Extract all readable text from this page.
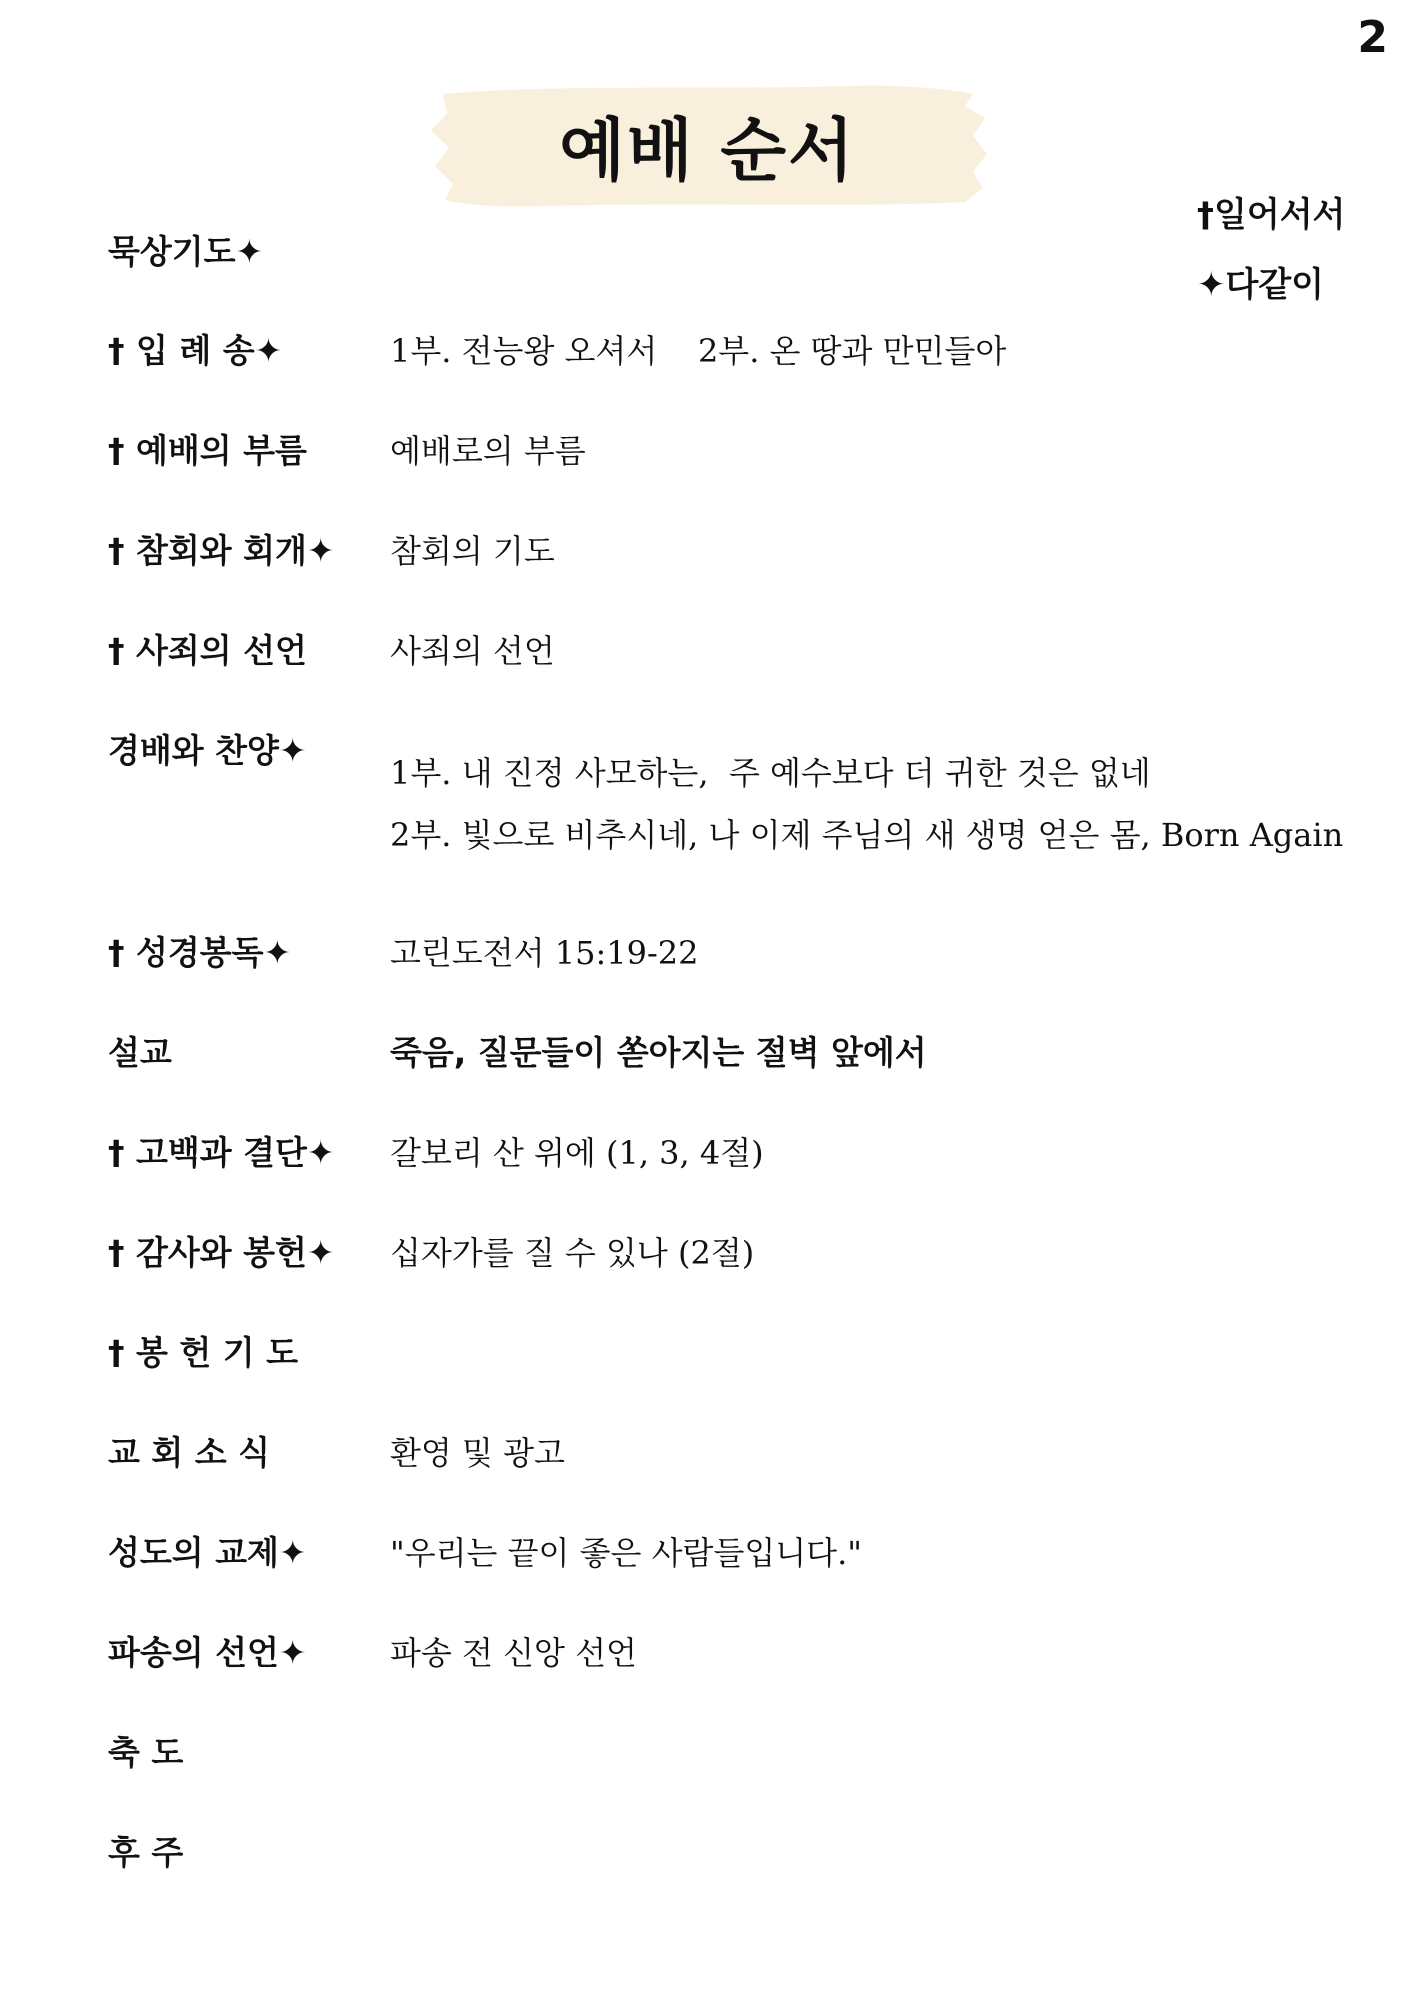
2
예배 순서
†일어서서
✦다같이
묵상기도✦
† 입 례 송✦	1부. 전능왕 오셔서    2부. 온 땅과 만민들아
† 예배의 부름	예배로의 부름
† 참회와 회개✦	참회의 기도
† 사죄의 선언	사죄의 선언
경배와 찬양✦
1부. 내 진정 사모하는,  주 예수보다 더 귀한 것은 없네
2부. 빛으로 비추시네, 나 이제 주님의 새 생명 얻은 몸, Born Again
† 성경봉독✦	고린도전서 15:19-22
설교	죽음, 질문들이 쏟아지는 절벽 앞에서
† 고백과 결단✦	갈보리 산 위에 (1, 3, 4절)
† 감사와 봉헌✦	십자가를 질 수 있나 (2절)
† 봉 헌 기 도
교 회 소 식	환영 및 광고
성도의 교제✦	"우리는 끝이 좋은 사람들입니다."
파송의 선언✦	파송 전 신앙 선언
축 도
후 주
